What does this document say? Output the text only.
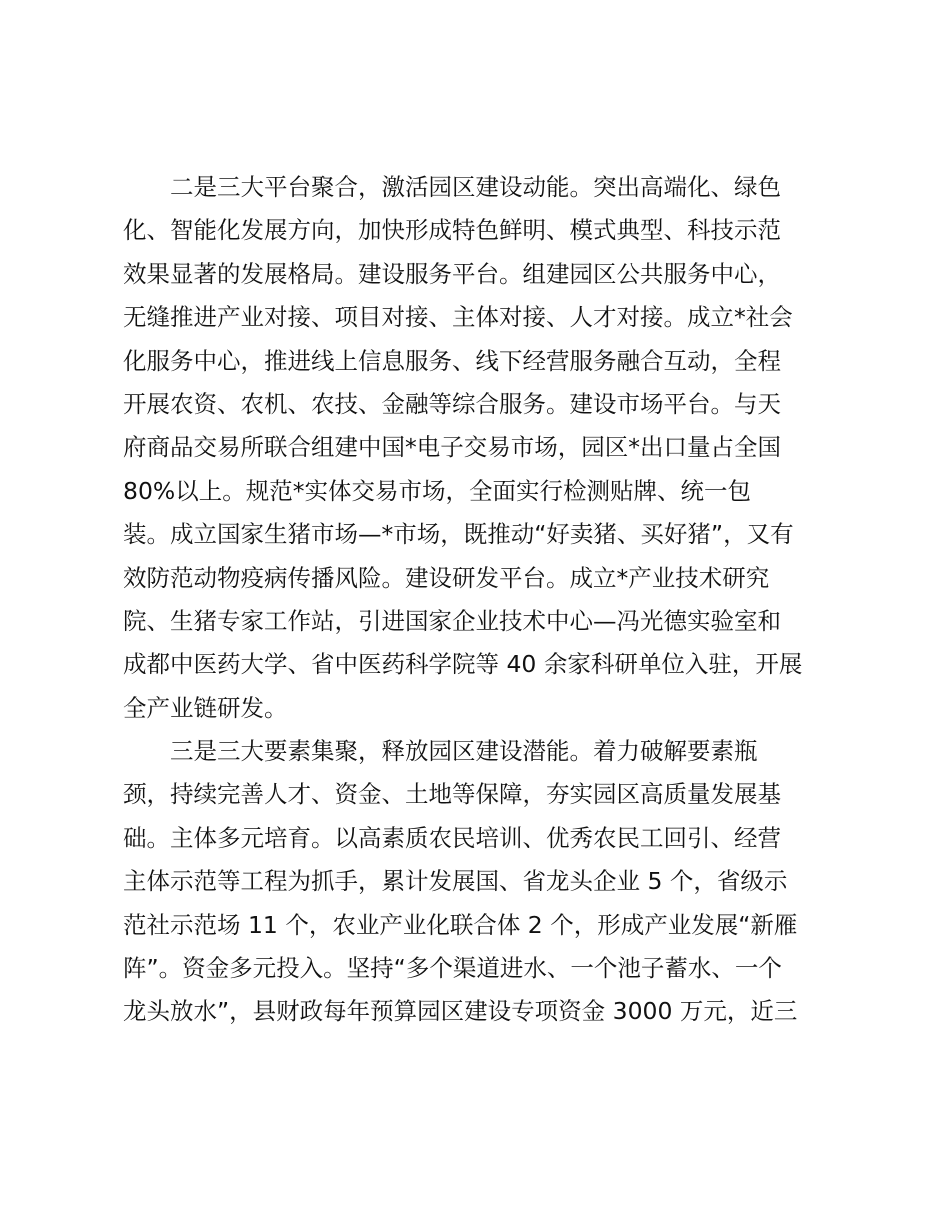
二是三大平台聚合，激活园区建设动能。突出高端化、绿色
化、智能化发展方向，加快形成特色鲜明、模式典型、科技示范
效果显著的发展格局。建设服务平台。组建园区公共服务中心，
无缝推进产业对接、项目对接、主体对接、人才对接。成立*社会
化服务中心，推进线上信息服务、线下经营服务融合互动，全程
开展农资、农机、农技、金融等综合服务。建设市场平台。与天
府商品交易所联合组建中国*电子交易市场，园区*出口量占全国
80%以上。规范*实体交易市场，全面实行检测贴牌、统一包
装。成立国家生猪市场—*市场，既推动“好卖猪、买好猪”，又有
效防范动物疫病传播风险。建设研发平台。成立*产业技术研究
院、生猪专家工作站，引进国家企业技术中心—冯光德实验室和
成都中医药大学、省中医药科学院等 40 余家科研单位入驻，开展
全产业链研发。
三是三大要素集聚，释放园区建设潜能。着力破解要素瓶
颈，持续完善人才、资金、土地等保障，夯实园区高质量发展基
础。主体多元培育。以高素质农民培训、优秀农民工回引、经营
主体示范等工程为抓手，累计发展国、省龙头企业 5 个，省级示
范社示范场 11 个，农业产业化联合体 2 个，形成产业发展“新雁
阵”。资金多元投入。坚持“多个渠道进水、一个池子蓄水、一个
龙头放水”，县财政每年预算园区建设专项资金 3000 万元，近三
